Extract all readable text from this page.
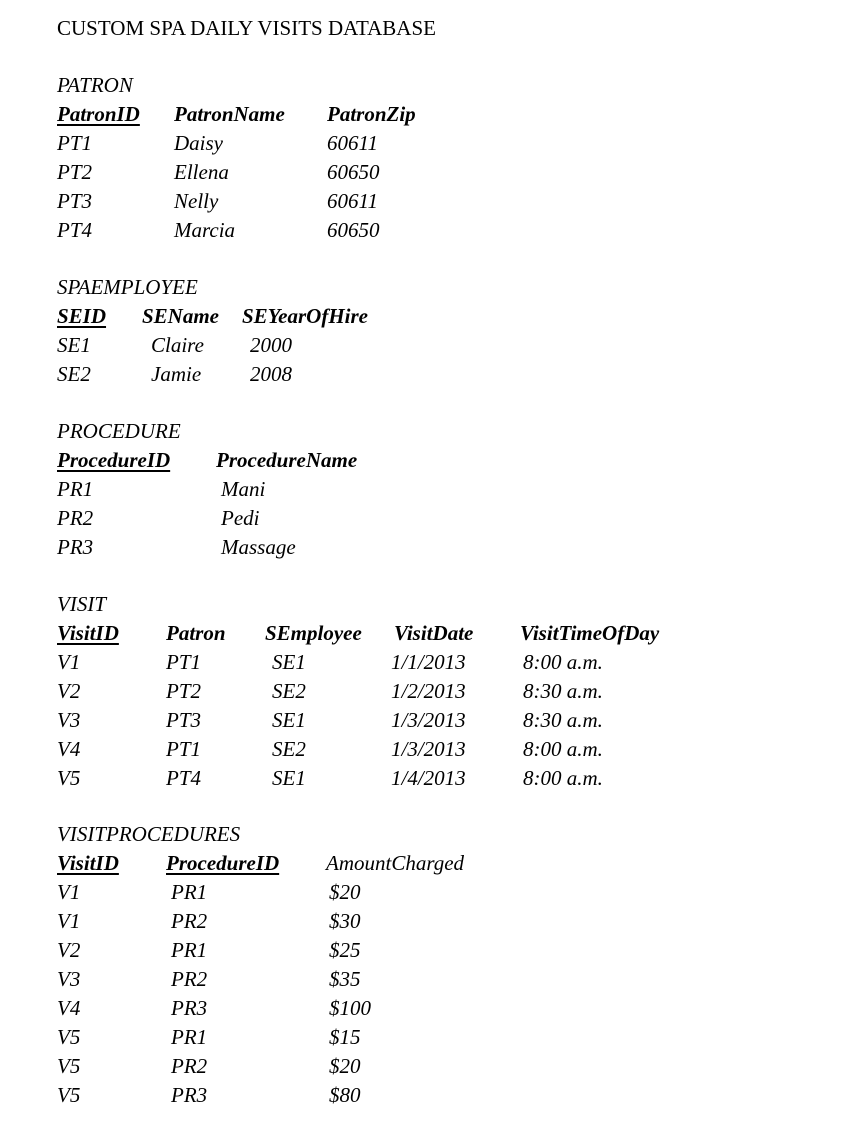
CUSTOM SPA DAILY VISITS DATABASE
PATRON
PatronID PatronName PatronZip
PT1	Daisy	60611
PT2	Ellena	60650
PT3	Nelly	60611
PT4	Marcia	60650
SPAEMPLOYEE
SEID SEName SEYearOfHire
SE1	Claire 2000
SE2	Jamie 2008
PROCEDURE
ProcedureID ProcedureName
PR1	Mani
PR2	Pedi
PR3	Massage
VISIT
VisitID Patron SEmployee VisitDate VisitTimeOfDay
V1	PT1	SE1	1/1/2013	8:00 a.m.
V2	PT2	SE2	1/2/2013	8:30 a.m.
V3	PT3	SE1	1/3/2013	8:30 a.m.
V4	PT1	SE2	1/3/2013	8:00 a.m.
V5	PT4	SE1	1/4/2013	8:00 a.m.
VISITPROCEDURES
VisitID ProcedureID AmountCharged
V1	PR1	$20
V1	PR2	$30
V2	PR1	$25
V3	PR2	$35
V4	PR3	$100
V5	PR1	$15
V5	PR2	$20
V5	PR3	$80
